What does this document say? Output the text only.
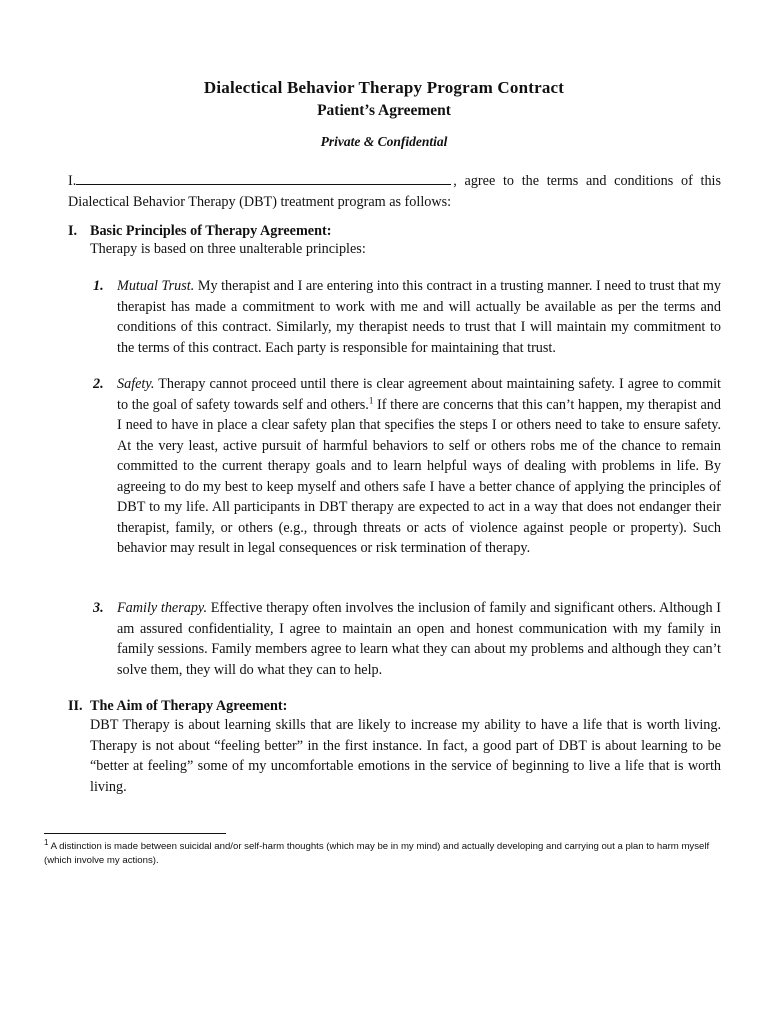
Dialectical Behavior Therapy Program Contract
Patient’s Agreement
Private & Confidential
I.	, agree to the terms and conditions of this
Dialectical Behavior Therapy (DBT) treatment program as follows:
I. Basic Principles of Therapy Agreement:
Therapy is based on three unalterable principles:
1. Mutual Trust. My therapist and I are entering into this contract in a trusting manner. I need to trust that my therapist has made a commitment to work with me and will actually be available as per the terms and conditions of this contract. Similarly, my therapist needs to trust that I will maintain my commitment to the terms of this contract. Each party is responsible for maintaining that trust.
2. Safety. Therapy cannot proceed until there is clear agreement about maintaining safety. I agree to commit to the goal of safety towards self and others.$^1$ If there are concerns that this can’t happen, my therapist and I need to have in place a clear safety plan that specifies the steps I or others need to take to ensure safety. At the very least, active pursuit of harmful behaviors to self or others robs me of the chance to remain committed to the current therapy goals and to learn helpful ways of dealing with problems in life. By agreeing to do my best to keep myself and others safe I have a better chance of applying the principles of DBT to my life. All participants in DBT therapy are expected to act in a way that does not endanger their therapist, family, or others (e.g., through threats or acts of violence against people or property). Such behavior may result in legal consequences or risk termination of therapy.
3. Family therapy. Effective therapy often involves the inclusion of family and significant others. Although I am assured confidentiality, I agree to maintain an open and honest communication with my family in family sessions. Family members agree to learn what they can about my problems and although they can’t solve them, they will do what they can to help.
II. The Aim of Therapy Agreement:
DBT Therapy is about learning skills that are likely to increase my ability to have a life that is worth living. Therapy is not about “feeling better” in the first instance. In fact, a good part of DBT is about learning to be “better at feeling” some of my uncomfortable emotions in the service of beginning to live a life that is worth living.
$^1$ A distinction is made between suicidal and/or self-harm thoughts (which may be in my mind) and actually developing and carrying out a plan to harm myself (which involve my actions).
